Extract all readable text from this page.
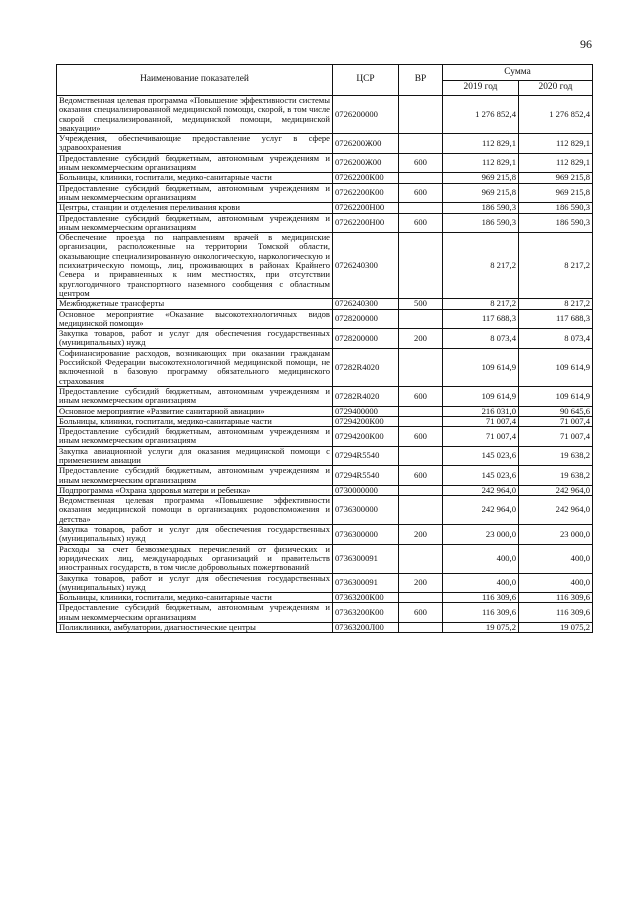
96
Наименование показателей	ЦСР	ВР	Сумма	
			2019 год	2020 год
Ведомственная целевая программа «Повышение эффективности системы оказания специализированной медицинской помощи, скорой, в том числе скорой специализированной, медицинской помощи, медицинской эвакуации»	0726200000		1 276 852,4	1 276 852,4
Учреждения, обеспечивающие предоставление услуг в сфере здравоохранения	0726200Ж00		112 829,1	112 829,1
Предоставление субсидий бюджетным, автономным учреждениям и иным некоммерческим организациям	0726200Ж00	600	112 829,1	112 829,1
Больницы, клиники, госпитали, медико-санитарные части	07262200К00		969 215,8	969 215,8
Предоставление субсидий бюджетным, автономным учреждениям и иным некоммерческим организациям	07262200К00	600	969 215,8	969 215,8
Центры, станции и отделения переливания крови	07262200Н00		186 590,3	186 590,3
Предоставление субсидий бюджетным, автономным учреждениям и иным некоммерческим организациям	07262200Н00	600	186 590,3	186 590,3
Обеспечение проезда по направлениям врачей в медицинские организации, расположенные на территории Томской области, оказывающие специализированную онкологическую, наркологическую и психиатрическую помощь, лиц, проживающих в районах Крайнего Севера и приравненных к ним местностях, при отсутствии круглогодичного транспортного наземного сообщения с областным центром	0726240300		8 217,2	8 217,2
Межбюджетные трансферты	0726240300	500	8 217,2	8 217,2
Основное мероприятие «Оказание высокотехнологичных видов медицинской помощи»	0728200000		117 688,3	117 688,3
Закупка товаров, работ и услуг для обеспечения государственных (муниципальных) нужд	0728200000	200	8 073,4	8 073,4
Софинансирование расходов, возникающих при оказании гражданам Российской Федерации высокотехнологичной медицинской помощи, не включенной в базовую программу обязательного медицинского страхования	07282R4020		109 614,9	109 614,9
Предоставление субсидий бюджетным, автономным учреждениям и иным некоммерческим организациям	07282R4020	600	109 614,9	109 614,9
Основное мероприятие «Развитие санитарной авиации»	0729400000		216 031,0	90 645,6
Больницы, клиники, госпитали, медико-санитарные части	07294200К00		71 007,4	71 007,4
Предоставление субсидий бюджетным, автономным учреждениям и иным некоммерческим организациям	07294200К00	600	71 007,4	71 007,4
Закупка авиационной услуги для оказания медицинской помощи с применением авиации	07294R5540		145 023,6	19 638,2
Предоставление субсидий бюджетным, автономным учреждениям и иным некоммерческим организациям	07294R5540	600	145 023,6	19 638,2
Подпрограмма «Охрана здоровья матери и ребенка»	0730000000		242 964,0	242 964,0
Ведомственная целевая программа «Повышение эффективности оказания медицинской помощи в организациях родовспоможения и детства»	0736300000		242 964,0	242 964,0
Закупка товаров, работ и услуг для обеспечения государственных (муниципальных) нужд	0736300000	200	23 000,0	23 000,0
Расходы за счет безвозмездных перечислений от физических и юридических лиц, международных организаций и правительств иностранных государств, в том числе добровольных пожертвований	0736300091		400,0	400,0
Закупка товаров, работ и услуг для обеспечения государственных (муниципальных) нужд	0736300091	200	400,0	400,0
Больницы, клиники, госпитали, медико-санитарные части	07363200К00		116 309,6	116 309,6
Предоставление субсидий бюджетным, автономным учреждениям и иным некоммерческим организациям	07363200К00	600	116 309,6	116 309,6
Поликлиники, амбулатории, диагностические центры	07363200Л00		19 075,2	19 075,2
